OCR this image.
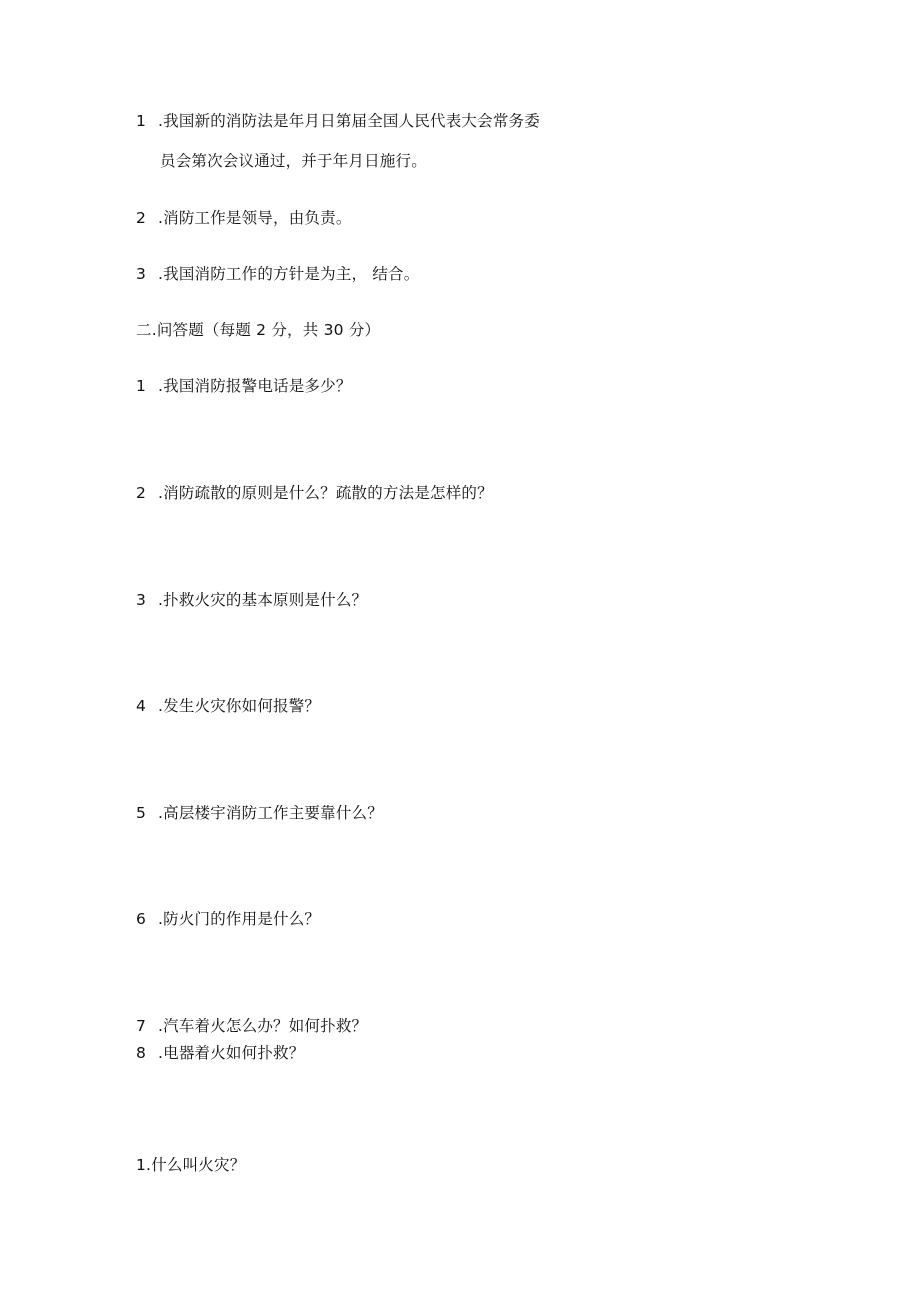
1 .我国新的消防法是年月日第届全国人民代表大会常务委
员会第次会议通过，并于年月日施行。
2 .消防工作是领导，由负责。
3 .我国消防工作的方针是为主， 结合。
二.问答题（每题 2 分，共 30 分）
1 .我国消防报警电话是多少？
2 .消防疏散的原则是什么？疏散的方法是怎样的？
3 .扑救火灾的基本原则是什么？
4 .发生火灾你如何报警？
5 .高层楼宇消防工作主要靠什么？
6 .防火门的作用是什么？
7 .汽车着火怎么办？如何扑救？
8 .电器着火如何扑救？
1.什么叫火灾？
